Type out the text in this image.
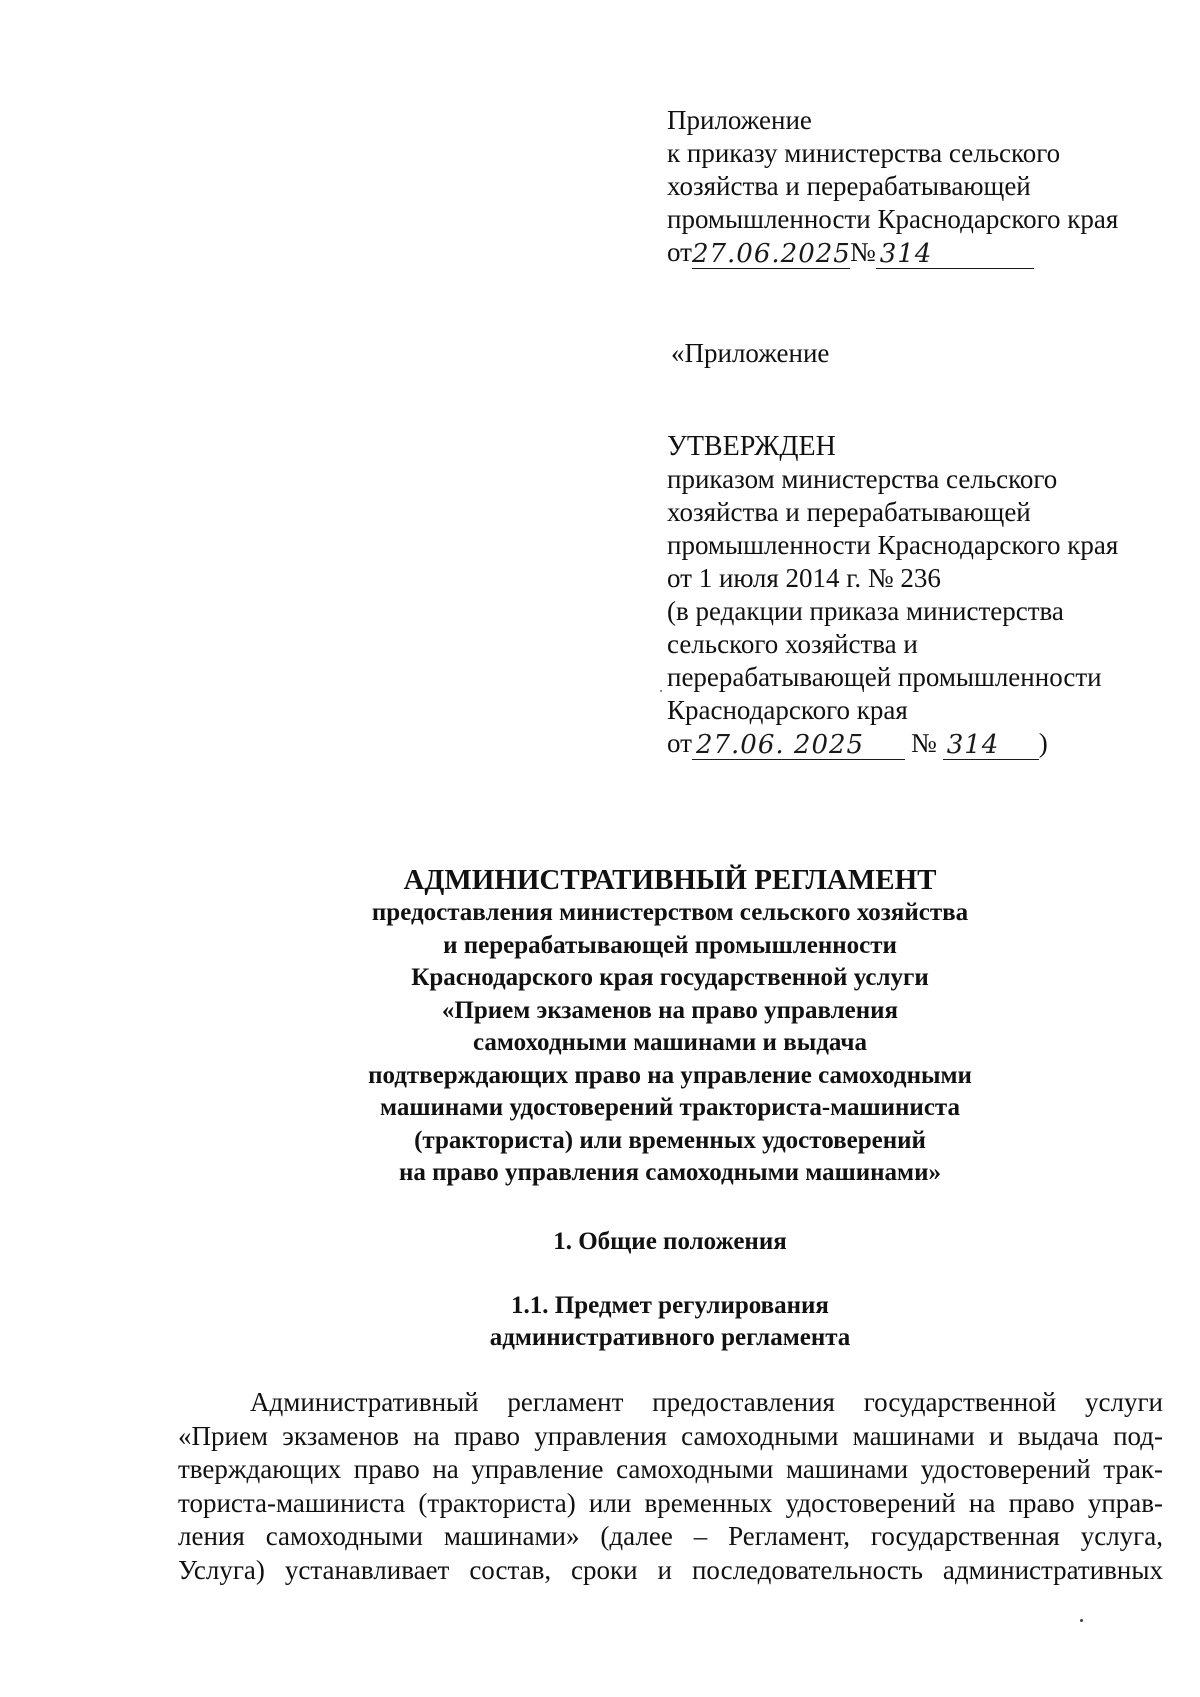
Приложение
к приказу министерства сельского
хозяйства и перерабатывающей
промышленности Краснодарского края
от 27.06.2025 № 314
«Приложение
УТВЕРЖДЕН
приказом министерства сельского
хозяйства и перерабатывающей
промышленности Краснодарского края
от 1 июля 2014 г. № 236
(в редакции приказа министерства
сельского хозяйства и
перерабатывающей промышленности
Краснодарского края
от 27.06. 2025	№ 314	)
АДМИНИСТРАТИВНЫЙ РЕГЛАМЕНТ
предоставления министерством сельского хозяйства
и перерабатывающей промышленности
Краснодарского края государственной услуги
«Прием экзаменов на право управления
самоходными машинами и выдача
подтверждающих право на управление самоходными
машинами удостоверений тракториста-машиниста
(тракториста) или временных удостоверений
на право управления самоходными машинами»
1. Общие положения
1.1. Предмет регулирования
административного регламента
Административный регламент предоставления государственной услуги
«Прием экзаменов на право управления самоходными машинами и выдача под-
тверждающих право на управление самоходными машинами удостоверений трак-
ториста-машиниста (тракториста) или временных удостоверений на право управ-
ления самоходными машинами» (далее – Регламент, государственная услуга,
Услуга) устанавливает состав, сроки и последовательность административных
